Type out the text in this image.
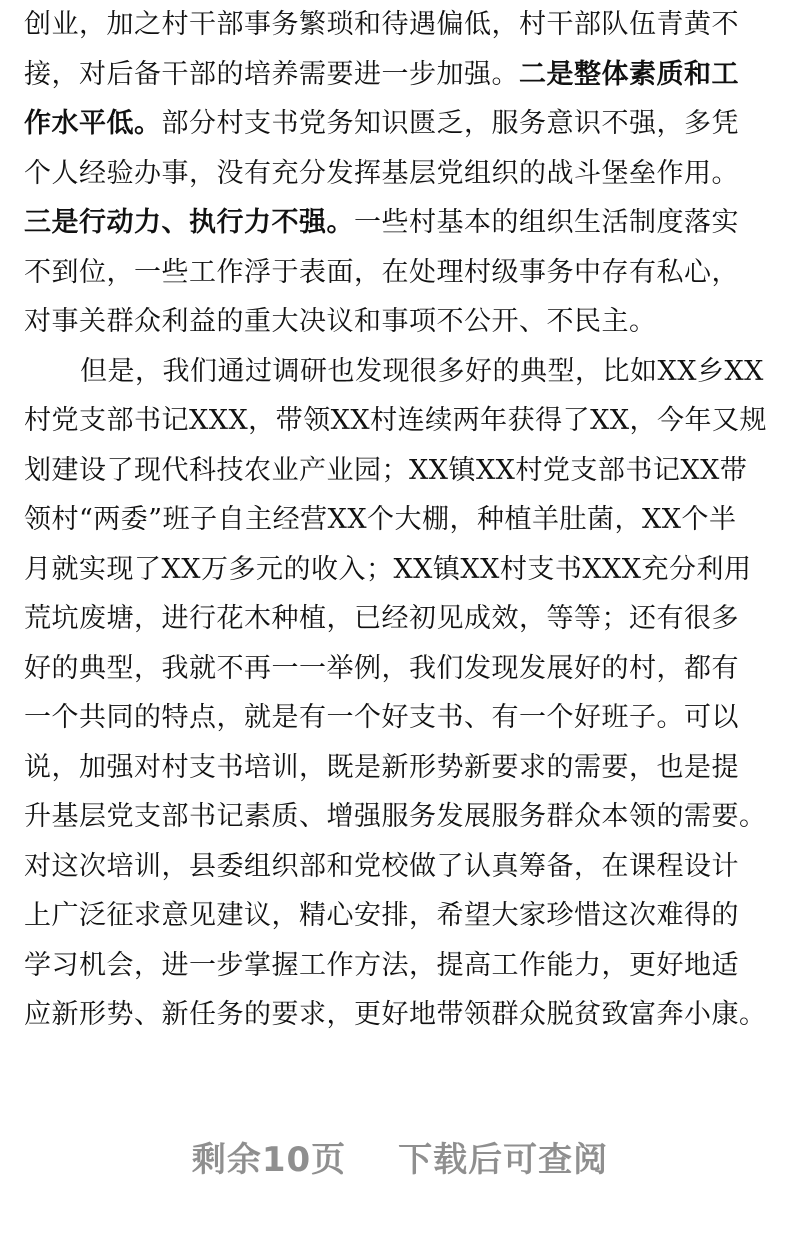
创业，加之村干部事务繁琐和待遇偏低，村干部队伍青黄不
接，对后备干部的培养需要进一步加强。二是整体素质和工
作水平低。部分村支书党务知识匮乏，服务意识不强，多凭
个人经验办事，没有充分发挥基层党组织的战斗堡垒作用。
三是行动力、执行力不强。一些村基本的组织生活制度落实
不到位，一些工作浮于表面，在处理村级事务中存有私心，
对事关群众利益的重大决议和事项不公开、不民主。
但是，我们通过调研也发现很多好的典型，比如XX乡XX
村党支部书记XXX，带领XX村连续两年获得了XX，今年又规
划建设了现代科技农业产业园；XX镇XX村党支部书记XX带
领村“两委”班子自主经营XX个大棚，种植羊肚菌，XX个半
月就实现了XX万多元的收入；XX镇XX村支书XXX充分利用
荒坑废塘，进行花木种植，已经初见成效，等等；还有很多
好的典型，我就不再一一举例，我们发现发展好的村，都有
一个共同的特点，就是有一个好支书、有一个好班子。可以
说，加强对村支书培训，既是新形势新要求的需要，也是提
升基层党支部书记素质、增强服务发展服务群众本领的需要。
对这次培训，县委组织部和党校做了认真筹备，在课程设计
上广泛征求意见建议，精心安排，希望大家珍惜这次难得的
学习机会，进一步掌握工作方法，提高工作能力，更好地适
应新形势、新任务的要求，更好地带领群众脱贫致富奔小康。
剩余10页 下载后可查阅
